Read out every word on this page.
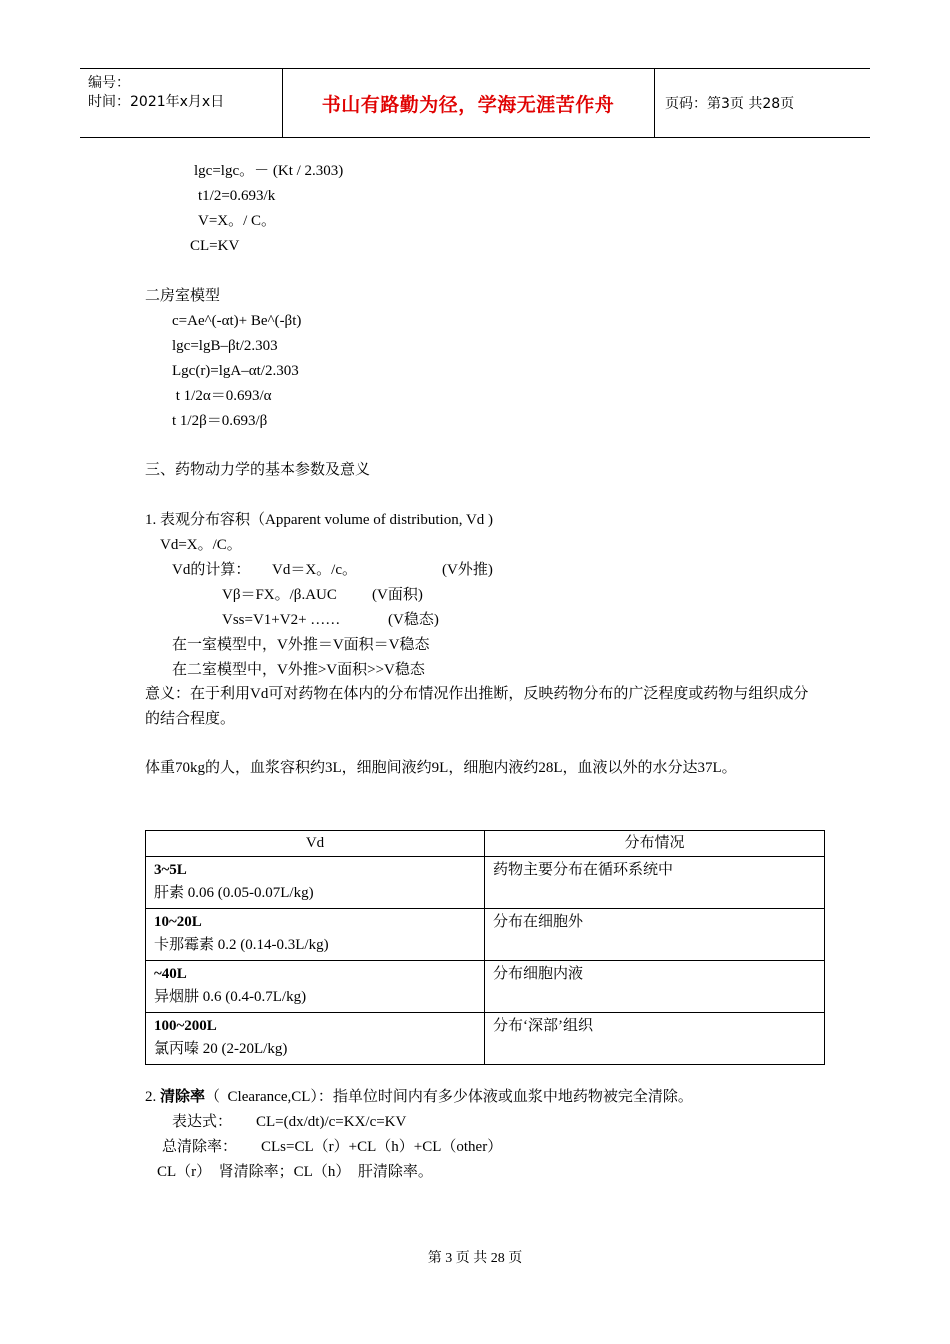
编号：
时间：2021年x月x日	书山有路勤为径，学海无涯苦作舟	页码：第3页 共28页
lgc=lgc。－ (Kt / 2.303)
t1/2=0.693/k
V=X。/ C。
CL=KV
二房室模型
c=Ae^(-αt)+ Be^(-βt)
lgc=lgB–βt/2.303
Lgc(r)=lgA–αt/2.303
t 1/2α＝0.693/α
t 1/2β＝0.693/β
三、药物动力学的基本参数及意义
1. 表观分布容积（Apparent volume of distribution, Vd )
Vd=X。/C。
Vd的计算： Vd＝X。/c。	(V外推)
Vβ＝FX。/β.AUC (V面积)
Vss=V1+V2+ ……	(V稳态)
在一室模型中，V外推＝V面积＝V稳态
在二室模型中，V外推>V面积>>V稳态
意义：在于利用Vd可对药物在体内的分布情况作出推断，反映药物分布的广泛程度或药物与组织成分的结合程度。
体重70kg的人，血浆容积约3L，细胞间液约9L，细胞内液约28L，血液以外的水分达37L。
Vd	分布情况

3~5L
肝素 0.06 (0.05-0.07L/kg)	药物主要分布在循环系统中

10~20L
卡那霉素 0.2 (0.14-0.3L/kg)	分布在细胞外

~40L
异烟肼 0.6 (0.4-0.7L/kg)	分布细胞内液

100~200L
氯丙嗪 20 (2-20L/kg)	分布‘深部’组织
2. 清除率（  Clearance,CL）：指单位时间内有多少体液或血浆中地药物被完全清除。
表达式： CL=(dx/dt)/c=KX/c=KV
总清除率： CLs=CL（r）+CL（h）+CL（other）
CL（r）  肾清除率；CL（h）  肝清除率。
第 3 页 共 28 页
